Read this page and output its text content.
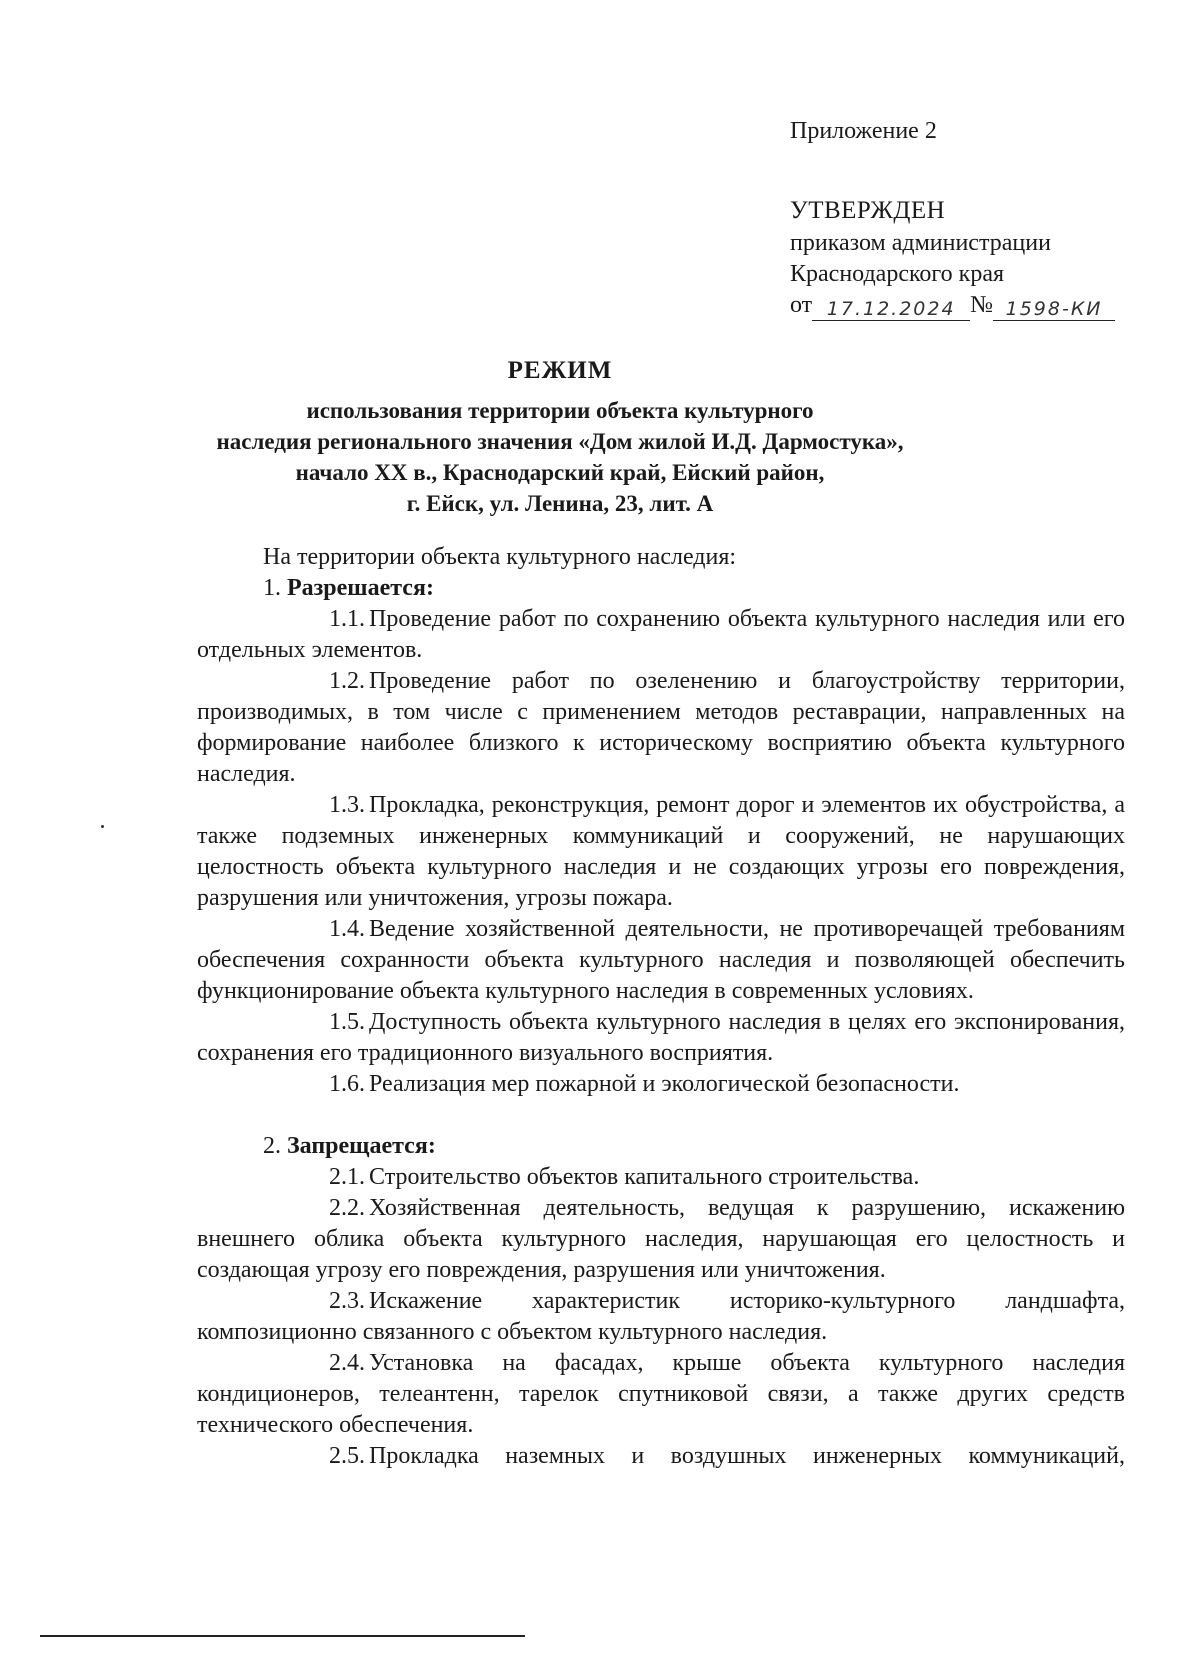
Приложение 2
УТВЕРЖДЕН
приказом администрации
Краснодарского края
от 17.12.2024 № 1598-КИ
РЕЖИМ
использования территории объекта культурного
наследия регионального значения «Дом жилой И.Д. Дармостука»,
начало XX в., Краснодарский край, Ейский район,
г. Ейск, ул. Ленина, 23, лит. А

На территории объекта культурного наследия:

1. Разрешается:

1.1. Проведение работ по сохранению объекта культурного наследия или его отдельных элементов.

1.2. Проведение работ по озеленению и благоустройству территории, производимых, в том числе с применением методов реставрации, направленных на формирование наиболее близкого к историческому восприятию объекта культурного наследия.

1.3. Прокладка, реконструкция, ремонт дорог и элементов их обустройства, а также подземных инженерных коммуникаций и сооружений, не нарушающих целостность объекта культурного наследия и не создающих угрозы его повреждения, разрушения или уничтожения, угрозы пожара.

1.4. Ведение хозяйственной деятельности, не противоречащей требованиям обеспечения сохранности объекта культурного наследия и позволяющей обеспечить функционирование объекта культурного наследия в современных условиях.

1.5. Доступность объекта культурного наследия в целях его экспонирования, сохранения его традиционного визуального восприятия.

1.6. Реализация мер пожарной и экологической безопасности.

2. Запрещается:

2.1. Строительство объектов капитального строительства.

2.2. Хозяйственная деятельность, ведущая к разрушению, искажению внешнего облика объекта культурного наследия, нарушающая его целостность и создающая угрозу его повреждения, разрушения или уничтожения.

2.3. Искажение характеристик историко-культурного ландшафта, композиционно связанного с объектом культурного наследия.

2.4. Установка на фасадах, крыше объекта культурного наследия кондиционеров, телеантенн, тарелок спутниковой связи, а также других средств технического обеспечения.

2.5. Прокладка наземных и воздушных инженерных коммуникаций,
